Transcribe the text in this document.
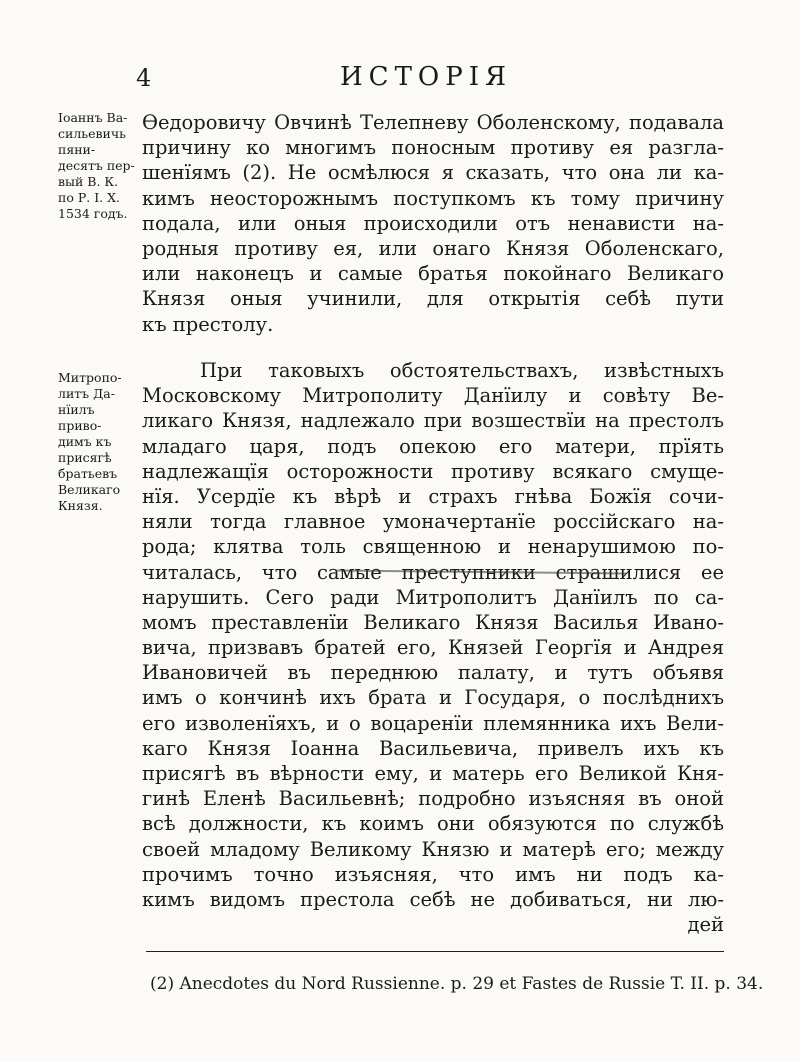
4	ИСТОРІЯ
Іоаннъ Ва-
сильевичь
пяни-
десятъ пер-
вый В. К.
по Р. І. Х.
1534 годъ.
Митропо-
литъ Да-
нїилъ
приво-
димъ къ
присягѣ
братьевъ
Великаго
Князя.
Ѳедоровичу Овчинѣ Телепневу Оболенскому, подавала
причину ко многимъ поносным противу ея разгла-
шенїямъ (2). Не осмѣлюся я сказать, что она ли ка-
кимъ неосторожнымъ поступкомъ къ тому причину
подала, или оныя происходили отъ ненависти на-
родныя противу ея, или онаго Князя Оболенскаго,
или наконецъ и самые братья покойнаго Великаго
Князя оныя учинили, для открытія себѣ пути
къ престолу.
При таковыхъ обстоятельствахъ, извѣстныхъ
Московскому Митрополиту Данїилу и совѣту Ве-
ликаго Князя, надлежало при возшествїи на престолъ
младаго царя, подъ опекою его матери, прїять
надлежащїя осторожности противу всякаго смуще-
нїя. Усердїе къ вѣрѣ и страхъ гнѣва Божїя сочи-
няли тогда главное умоначертанїе россійскаго на-
рода; клятва толь священною и ненарушимою по-
читалась, что самые преступники страшилися ее
нарушить. Сего ради Митрополитъ Данїилъ по са-
момъ преставленїи Великаго Князя Василья Ивано-
вича, призвавъ братей его, Князей Георгїя и Андрея
Ивановичей въ переднюю палату, и тутъ объявя
имъ о кончинѣ ихъ брата и Государя, о послѣднихъ
его изволенїяхъ, и о воцаренїи племянника ихъ Вели-
каго Князя Іоанна Васильевича, привелъ ихъ къ
присягѣ въ вѣрности ему, и матерь его Великой Кня-
гинѣ Еленѣ Васильевнѣ; подробно изъясняя въ оной
всѣ должности, къ коимъ они обязуются по службѣ
своей младому Великому Князю и матерѣ его; между
прочимъ точно изъясняя, что имъ ни подъ ка-
кимъ видомъ престола себѣ не добиваться, ни лю-
дей
(2) Anecdotes du Nord Russienne. p. 29 et Fastes de Russie T. II. p. 34.
